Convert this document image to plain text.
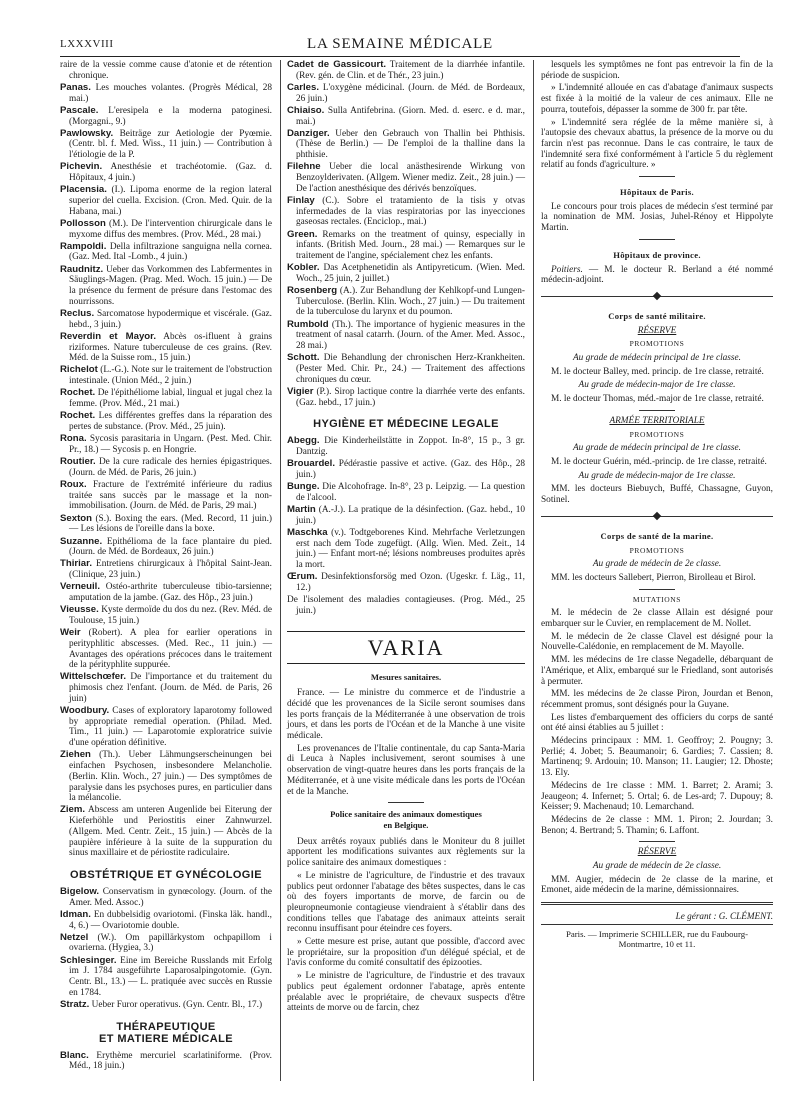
LXXXVIII	LA SEMAINE MÉDICALE

raire de la vessie comme cause d'atonie et de rétention chronique.

Panas. Les mouches volantes. (Progrès Médical, 28 mai.)

Pascale. L'eresipela e la moderna patoginesi. (Morgagni., 9.)

Pawlowsky. Beiträge zur Aetiologie der Pyœmie. (Centr. bl. f. Med. Wiss., 11 juin.) — Contribution à l'étiologie de la P.

Pichevin. Anesthésie et trachéotomie. (Gaz. d. Hôpitaux, 4 juin.)

Placensia. (I.). Lipoma enorme de la region lateral superior del cuella. Excision. (Cron. Med. Quir. de la Habana, mai.)

Pollosson (M.). De l'intervention chirurgicale dans le myxome diffus des membres. (Prov. Méd., 28 mai.)

Rampoldi. Della infiltrazione sanguigna nella cornea. (Gaz. Med. Ital -Lomb., 4 juin.)

Raudnitz. Ueber das Vorkommen des Labfermentes in Säuglings-Magen. (Prag. Med. Woch. 15 juin.) — De la présence du ferment de présure dans l'estomac des nourrissons.

Reclus. Sarcomatose hypodermique et viscérale. (Gaz. hebd., 3 juin.)

Reverdin et Mayor. Abcès os-ifluent à grains riziformes. Nature tuberculeuse de ces grains. (Rev. Méd. de la Suisse rom., 15 juin.)

Richelot (L.-G.). Note sur le traitement de l'obstruction intestinale. (Union Méd., 2 juin.)

Rochet. De l'épithéliome labial, lingual et jugal chez la femme. (Prov. Méd., 21 mai.)

Rochet. Les différentes greffes dans la réparation des pertes de substance. (Prov. Méd., 25 juin).

Rona. Sycosis parasitaria in Ungarn. (Pest. Med. Chir. Pr., 18.) — Sycosis p. en Hongrie.

Routier. De la cure radicale des hernies épigastriques. (Journ. de Méd. de Paris, 26 juin.)

Roux. Fracture de l'extrémité inférieure du radius traitée sans succès par le massage et la non-immobilisation. (Journ. de Méd. de Paris, 29 mai.)

Sexton (S.). Boxing the ears. (Med. Record, 11 juin.) — Les lésions de l'oreille dans la boxe.

Suzanne. Epithélioma de la face plantaire du pied. (Journ. de Méd. de Bordeaux, 26 juin.)

Thiriar. Entretiens chirurgicaux à l'hôpital Saint-Jean. (Clinique, 23 juin.)

Verneuil. Ostéo-arthrite tuberculeuse tibio-tarsienne; amputation de la jambe. (Gaz. des Hôp., 23 juin.)

Vieusse. Kyste dermoïde du dos du nez. (Rev. Méd. de Toulouse, 15 juin.)

Weir (Robert). A plea for earlier operations in perityphlitic abscesses. (Med. Rec., 11 juin.) — Avantages des opérations précoces dans le traitement de la pérityphlite suppurée.

Wittelschœfer. De l'importance et du traitement du phimosis chez l'enfant. (Journ. de Méd. de Paris, 26 juin)

Woodbury. Cases of exploratory laparotomy followed by appropriate remedial operation. (Philad. Med. Tim., 11 juin.) — Laparotomie exploratrice suivie d'une opération définitive.

Ziehen (Th.). Ueber Lähmungserscheinungen bei einfachen Psychosen, insbesondere Melancholie. (Berlin. Klin. Woch., 27 juin.) — Des symptômes de paralysie dans les psychoses pures, en particulier dans la mélancolie.

Ziem. Abscess am unteren Augenlide bei Eiterung der Kieferhöhle und Periostitis einer Zahnwurzel. (Allgem. Med. Centr. Zeit., 15 juin.) — Abcès de la paupière inférieure à la suite de la suppuration du sinus maxillaire et de périostite radiculaire.

OBSTÉTRIQUE ET GYNÉCOLOGIE

Bigelow. Conservatism in gynœcology. (Journ. of the Amer. Med. Assoc.)

Idman. En dubbelsidig ovariotomi. (Finska läk. handl., 4, 6.) — Ovariotomie double.

Netzel (W.). Om papillärkystom ochpapillom i ovarierna. (Hygiea, 3.)

Schlesinger. Eine im Bereiche Russlands mit Erfolg im J. 1784 ausgeführte Laparosalpingotomie. (Gyn. Centr. Bl., 13.) — L. pratiquée avec succès en Russie en 1784.

Stratz. Ueber Furor operativus. (Gyn. Centr. Bl., 17.)

THÉRAPEUTIQUE
ET MATIERE MÉDICALE

Blanc. Erythème mercuriel scarlatiniforme. (Prov. Méd., 18 juin.)

Cadet de Gassicourt. Traitement de la diarrhée infantile. (Rev. gén. de Clin. et de Thér., 23 juin.)

Carles. L'oxygène médicinal. (Journ. de Méd. de Bordeaux, 26 juin.)

Chiaiso. Sulla Antifebrina. (Giorn. Med. d. eserc. e d. mar., mai.)

Danziger. Ueber den Gebrauch von Thallin bei Phthisis. (Thèse de Berlin.) — De l'emploi de la thalline dans la phthisie.

Filehne Ueber die local anästhesirende Wirkung von Benzoylderivaten. (Allgem. Wiener mediz. Zeit., 28 juin.) — De l'action anesthésique des dérivés benzoïques.

Finlay (C.). Sobre el tratamiento de la tisis y otvas infermedades de la vias respiratorias por las inyecciones gaseosas rectales. (Enciclop., mai.)

Green. Remarks on the treatment of quinsy, especially in infants. (British Med. Journ., 28 mai.) — Remarques sur le traitement de l'angine, spécialement chez les enfants.

Kobler. Das Acetphenetidin als Antipyreticum. (Wien. Med. Woch., 25 juin, 2 juillet.)

Rosenberg (A.). Zur Behandlung der Kehlkopf-und Lungen-Tuberculose. (Berlin. Klin. Woch., 27 juin.) — Du traitement de la tuberculose du larynx et du poumon.

Rumbold (Th.). The importance of hygienic measures in the treatment of nasal catarrh. (Journ. of the Amer. Med. Assoc., 28 mai.)

Schott. Die Behandlung der chronischen Herz-Krankheiten. (Pester Med. Chir. Pr., 24.) — Traitement des affections chroniques du cœur.

Vigier (P.). Sirop lactique contre la diarrhée verte des enfants. (Gaz. hebd., 17 juin.)

HYGIÈNE ET MÉDECINE LEGALE

Abegg. Die Kinderheilstätte in Zoppot. In-8°, 15 p., 3 gr. Dantzig.

Brouardel. Pédérastie passive et active. (Gaz. des Hôp., 28 juin.)

Bunge. Die Alcohofrage. In-8°, 23 p. Leipzig. — La question de l'alcool.

Martin (A.-J.). La pratique de la désinfection. (Gaz. hebd., 10 juin.)

Maschka (v.). Todtgeborenes Kind. Mehrfache Verletzungen erst nach dem Tode zugefügt. (Allg. Wien. Med. Zeit., 14 juin.) — Enfant mort-né; lésions nombreuses produites après la mort.

Œrum. Desinfektionsforsög med Ozon. (Ugeskr. f. Läg., 11, 12.)

De l'isolement des maladies contagieuses. (Prog. Méd., 25 juin.)

VARIA
Mesures sanitaires.

France. — Le ministre du commerce et de l'industrie a décidé que les provenances de la Sicile seront soumises dans les ports français de la Méditerranée à une observation de trois jours, et dans les ports de l'Océan et de la Manche à une visite médicale.

Les provenances de l'Italie continentale, du cap Santa-Maria di Leuca à Naples inclusivement, seront soumises à une observation de vingt-quatre heures dans les ports français de la Méditerranée, et à une visite médicale dans les ports de l'Océan et de la Manche.

Police sanitaire des animaux domestiques
en Belgique.

Deux arrêtés royaux publiés dans le Moniteur du 8 juillet apportent les modifications suivantes aux règlements sur la police sanitaire des animaux domestiques :

« Le ministre de l'agriculture, de l'industrie et des travaux publics peut ordonner l'abatage des bêtes suspectes, dans le cas où des foyers importants de morve, de farcin ou de pleuropneumonie contagieuse viendraient à s'établir dans des conditions telles que l'abatage des animaux atteints serait reconnu insuffisant pour éteindre ces foyers.

» Cette mesure est prise, autant que possible, d'accord avec le propriétaire, sur la proposition d'un délégué spécial, et de l'avis conforme du comité consultatif des épizooties.

» Le ministre de l'agriculture, de l'industrie et des travaux publics peut également ordonner l'abatage, après entente préalable avec le propriétaire, de chevaux suspects d'être atteints de morve ou de farcin, chez

lesquels les symptômes ne font pas entrevoir la fin de la période de suspicion.

» L'indemnité allouée en cas d'abatage d'animaux suspects est fixée à la moitié de la valeur de ces animaux. Elle ne pourra, toutefois, dépasser la somme de 300 fr. par tête.

» L'indemnité sera réglée de la même manière si, à l'autopsie des chevaux abattus, la présence de la morve ou du farcin n'est pas reconnue. Dans le cas contraire, le taux de l'indemnité sera fixé conformément à l'article 5 du règlement relatif au fonds d'agriculture. »

Hôpitaux de Paris.

Le concours pour trois places de médecin s'est terminé par la nomination de MM. Josias, Juhel-Rénoy et Hippolyte Martin.

Hôpitaux de province.

Poitiers. — M. le docteur R. Berland a été nommé médecin-adjoint.

Corps de santé militaire.
RÉSERVE
PROMOTIONS
Au grade de médecin principal de 1re classe.

M. le docteur Balley, med. princip. de 1re classe, retraité.

Au grade de médecin-major de 1re classe.

M. le docteur Thomas, méd.-major de 1re classe, retraité.

ARMÉE TERRITORIALE
PROMOTIONS
Au grade de médecin principal de 1re classe.

M. le docteur Guérin, méd.-princip. de 1re classe, retraité.

Au grade de médecin-major de 1re classe.

MM. les docteurs Biebuych, Buffé, Chassagne, Guyon, Sotinel.

Corps de santé de la marine.
PROMOTIONS
Au grade de médecin de 2e classe.

MM. les docteurs Sallebert, Pierron, Birolleau et Birol.

MUTATIONS

M. le médecin de 2e classe Allain est désigné pour embarquer sur le Cuvier, en remplacement de M. Nollet.

M. le médecin de 2e classe Clavel est désigné pour la Nouvelle-Calédonie, en remplacement de M. Mayolle.

MM. les médecins de 1re classe Negadelle, débarquant de l'Amérique, et Alix, embarqué sur le Friedland, sont autorisés à permuter.

MM. les médecins de 2e classe Piron, Jourdan et Benon, récemment promus, sont désignés pour la Guyane.

Les listes d'embarquement des officiers du corps de santé ont été ainsi établies au 5 juillet :

Médecins principaux : MM. 1. Geoffroy; 2. Pougny; 3. Perlié; 4. Jobet; 5. Beaumanoir; 6. Gardies; 7. Cassien; 8. Martinenq; 9. Ardouin; 10. Manson; 11. Laugier; 12. Dhoste; 13. Ely.

Médecins de 1re classe : MM. 1. Barret; 2. Arami; 3. Jeaugeon; 4. Infernet; 5. Ortal; 6. de Les-ard; 7. Dupouy; 8. Keisser; 9. Machenaud; 10. Lemarchand.

Médecins de 2e classe : MM. 1. Piron; 2. Jourdan; 3. Benon; 4. Bertrand; 5. Thamin; 6. Laffont.

RÉSERVE
Au grade de médecin de 2e classe.

MM. Augier, médecin de 2e classe de la marine, et Emonet, aide médecin de la marine, démissionnaires.

Le gérant : G. CLÉMENT.
Paris. — Imprimerie SCHILLER, rue du Faubourg-
Montmartre, 10 et 11.
